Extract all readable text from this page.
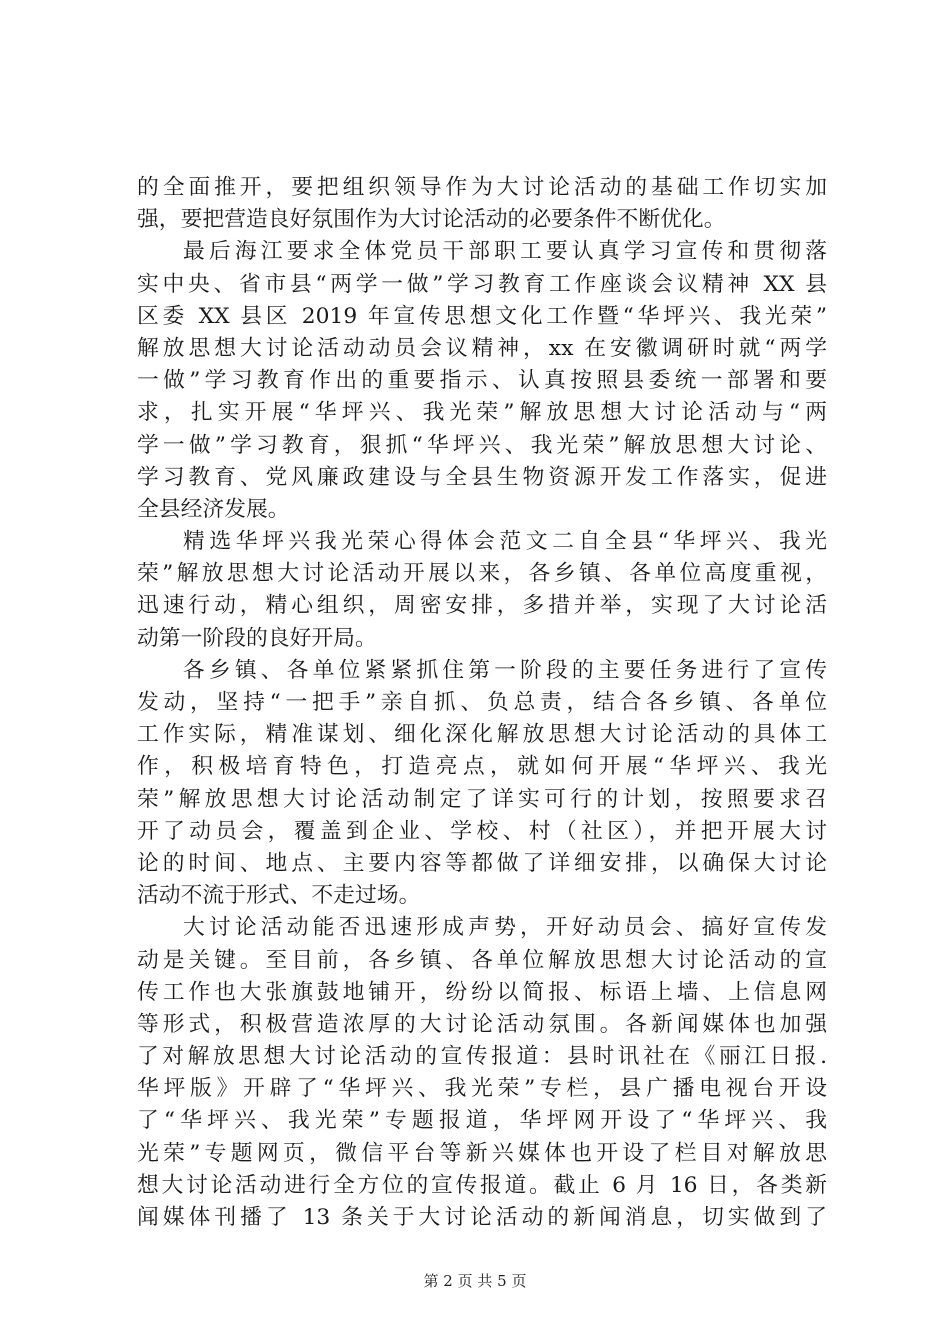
的全面推开，要把组织领导作为大讨论活动的基础工作切实加
强，要把营造良好氛围作为大讨论活动的必要条件不断优化。
最后海江要求全体党员干部职工要认真学习宣传和贯彻落
实中央、省市县“两学一做”学习教育工作座谈会议精神 XX 县
区委 XX 县区 2019 年宣传思想文化工作暨“华坪兴、我光荣”
解放思想大讨论活动动员会议精神，xx 在安徽调研时就“两学
一做”学习教育作出的重要指示、认真按照县委统一部署和要
求，扎实开展“华坪兴、我光荣”解放思想大讨论活动与“两
学一做”学习教育，狠抓“华坪兴、我光荣”解放思想大讨论、
学习教育、党风廉政建设与全县生物资源开发工作落实，促进
全县经济发展。
精选华坪兴我光荣心得体会范文二自全县“华坪兴、我光
荣”解放思想大讨论活动开展以来，各乡镇、各单位高度重视，
迅速行动，精心组织，周密安排，多措并举，实现了大讨论活
动第一阶段的良好开局。
各乡镇、各单位紧紧抓住第一阶段的主要任务进行了宣传
发动，坚持“一把手”亲自抓、负总责，结合各乡镇、各单位
工作实际，精准谋划、细化深化解放思想大讨论活动的具体工
作，积极培育特色，打造亮点，就如何开展“华坪兴、我光
荣”解放思想大讨论活动制定了详实可行的计划，按照要求召
开了动员会，覆盖到企业、学校、村（社区），并把开展大讨
论的时间、地点、主要内容等都做了详细安排，以确保大讨论
活动不流于形式、不走过场。
大讨论活动能否迅速形成声势，开好动员会、搞好宣传发
动是关键。至目前，各乡镇、各单位解放思想大讨论活动的宣
传工作也大张旗鼓地铺开，纷纷以简报、标语上墙、上信息网
等形式，积极营造浓厚的大讨论活动氛围。各新闻媒体也加强
了对解放思想大讨论活动的宣传报道：县时讯社在《丽江日报.
华坪版》开辟了“华坪兴、我光荣”专栏，县广播电视台开设
了“华坪兴、我光荣”专题报道，华坪网开设了“华坪兴、我
光荣”专题网页，微信平台等新兴媒体也开设了栏目对解放思
想大讨论活动进行全方位的宣传报道。截止 6 月 16 日，各类新
闻媒体刊播了 13 条关于大讨论活动的新闻消息，切实做到了
第 2 页 共 5 页
